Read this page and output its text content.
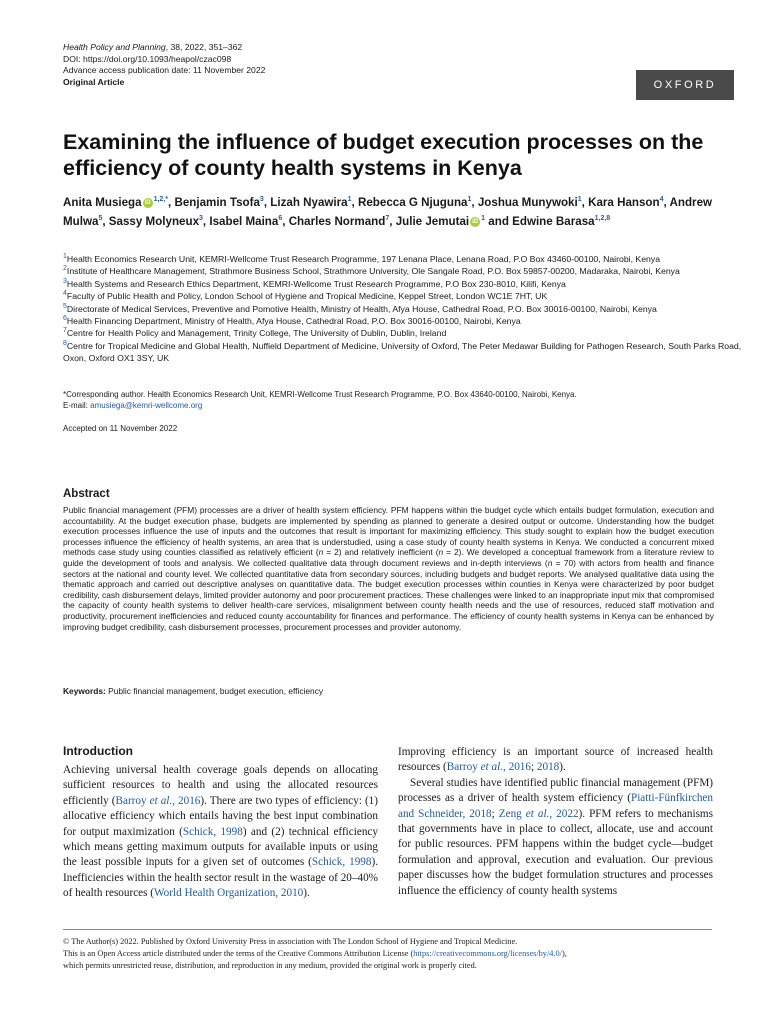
Health Policy and Planning, 38, 2022, 351–362
DOI: https://doi.org/10.1093/heapol/czac098
Advance access publication date: 11 November 2022
Original Article	OXFORD
Examining the influence of budget execution processes on the efficiency of county health systems in Kenya
Anita Musiega iD $^{1,2,*}$, Benjamin Tsofa$^3$, Lizah Nyawira$^1$, Rebecca G Njuguna$^1$, Joshua Munywoki$^1$, Kara Hanson$^4$, Andrew Mulwa$^5$, Sassy Molyneux$^3$, Isabel Maina$^6$, Charles Normand$^7$, Julie Jemutai iD $^1$ and Edwine Barasa$^{1,2,8}$
$^1$Health Economics Research Unit, KEMRI-Wellcome Trust Research Programme, 197 Lenana Place, Lenana Road, P.O Box 43460-00100, Nairobi, Kenya
$^2$Institute of Healthcare Management, Strathmore Business School, Strathmore University, Ole Sangale Road, P.O. Box 59857-00200, Madaraka, Nairobi, Kenya
$^3$Health Systems and Research Ethics Department, KEMRI-Wellcome Trust Research Programme, P.O Box 230-8010, Kilifi, Kenya
$^4$Faculty of Public Health and Policy, London School of Hygiene and Tropical Medicine, Keppel Street, London WC1E 7HT, UK
$^5$Directorate of Medical Services, Preventive and Pomotive Health, Ministry of Health, Afya House, Cathedral Road, P.O. Box 30016-00100, Nairobi, Kenya
$^6$Health Financing Department, Ministry of Health, Afya House, Cathedral Road, P.O. Box 30016-00100, Nairobi, Kenya
$^7$Centre for Health Policy and Management, Trinity College, The University of Dublin, Dublin, Ireland
$^8$Centre for Tropical Medicine and Global Health, Nuffield Department of Medicine, University of Oxford, The Peter Medawar Building for Pathogen Research, South Parks Road, Oxon, Oxford OX1 3SY, UK
*Corresponding author. Health Economics Research Unit, KEMRI-Wellcome Trust Research Programme, P.O. Box 43640-00100, Nairobi, Kenya.
E-mail: amusiega@kemri-wellcome.org
Accepted on 11 November 2022
Abstract
Public financial management (PFM) processes are a driver of health system efficiency. PFM happens within the budget cycle which entails budget formulation, execution and accountability. At the budget execution phase, budgets are implemented by spending as planned to generate a desired output or outcome. Understanding how the budget execution processes influence the use of inputs and the outcomes that result is important for maximizing efficiency. This study sought to explain how the budget execution processes influence the efficiency of health systems, an area that is understudied, using a case study of county health systems in Kenya. We conducted a concurrent mixed methods case study using counties classified as relatively efficient (n = 2) and relatively inefficient (n = 2). We developed a conceptual framework from a literature review to guide the development of tools and analysis. We collected qualitative data through document reviews and in-depth interviews (n = 70) with actors from health and finance sectors at the national and county level. We collected quantitative data from secondary sources, including budgets and budget reports. We analysed qualitative data using the thematic approach and carried out descriptive analyses on quantitative data. The budget execution processes within counties in Kenya were characterized by poor budget credibility, cash disbursement delays, limited provider autonomy and poor procurement practices. These challenges were linked to an inappropriate input mix that compromised the capacity of county health systems to deliver health-care services, misalignment between county health needs and the use of resources, reduced staff motivation and productivity, procurement inefficiencies and reduced county accountability for finances and performance. The efficiency of county health systems in Kenya can be enhanced by improving budget credibility, cash disbursement processes, procurement processes and provider autonomy.
Keywords: Public financial management, budget execution, efficiency
Introduction

Achieving universal health coverage goals depends on allocating sufficient resources to health and using the allocated resources efficiently (Barroy et al., 2016). There are two types of efficiency: (1) allocative efficiency which entails having the best input combination for output maximization (Schick, 1998) and (2) technical efficiency which means getting maximum outputs for available inputs or using the least possible inputs for a given set of outcomes (Schick, 1998). Inefficiencies within the health sector result in the wastage of 20–40% of health resources (World Health Organization, 2010).

Improving efficiency is an important source of increased health resources (Barroy et al., 2016; 2018).

Several studies have identified public financial management (PFM) processes as a driver of health system efficiency (Piatti-Fünfkirchen and Schneider, 2018; Zeng et al., 2022). PFM refers to mechanisms that governments have in place to collect, allocate, use and account for public resources. PFM happens within the budget cycle—budget formulation and approval, execution and evaluation. Our previous paper discusses how the budget formulation structures and processes influence the efficiency of county health systems

© The Author(s) 2022. Published by Oxford University Press in association with The London School of Hygiene and Tropical Medicine.
This is an Open Access article distributed under the terms of the Creative Commons Attribution License (https://creativecommons.org/licenses/by/4.0/),
which permits unrestricted reuse, distribution, and reproduction in any medium, provided the original work is properly cited.
